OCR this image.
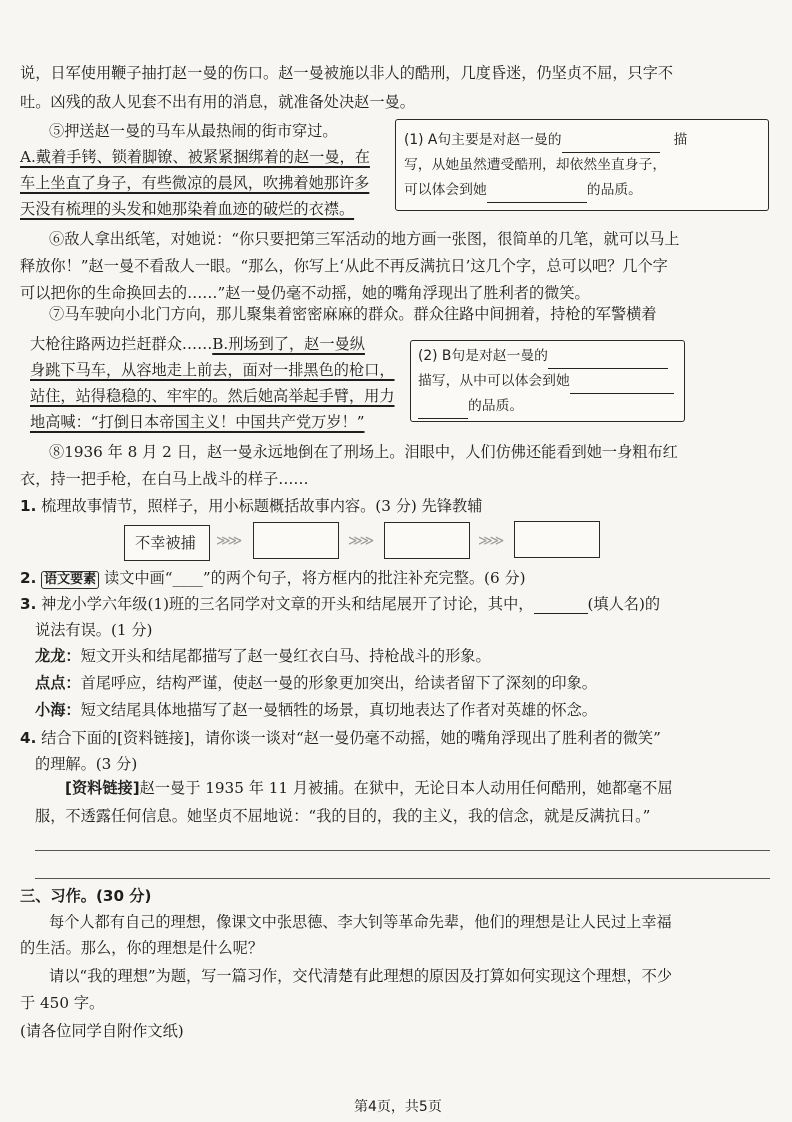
说，日军使用鞭子抽打赵一曼的伤口。赵一曼被施以非人的酷刑，几度昏迷，仍坚贞不屈，只字不
吐。凶残的敌人见套不出有用的消息，就准备处决赵一曼。
⑤押送赵一曼的马车从最热闹的街市穿过。
A.戴着手铐、锁着脚镣、被紧紧捆绑着的赵一曼，在
车上坐直了身子，有些微凉的晨风，吹拂着她那许多
天没有梳理的头发和她那染着血迹的破烂的衣襟。
(1) A句主要是对赵一曼的	描
写，从她虽然遭受酷刑，却依然坐直身子，
可以体会到她	的品质。
⑥敌人拿出纸笔，对她说：“你只要把第三军活动的地方画一张图，很简单的几笔，就可以马上
释放你！”赵一曼不看敌人一眼。“那么，你写上‘从此不再反满抗日’这几个字，总可以吧？几个字
可以把你的生命换回去的……”赵一曼仍毫不动摇，她的嘴角浮现出了胜利者的微笑。
⑦马车驶向小北门方向，那儿聚集着密密麻麻的群众。群众往路中间拥着，持枪的军警横着
大枪往路两边拦赶群众……B.刑场到了，赵一曼纵
身跳下马车，从容地走上前去，面对一排黑色的枪口，
站住，站得稳稳的、牢牢的。然后她高举起手臂，用力
地高喊：“打倒日本帝国主义！中国共产党万岁！”
(2) B句是对赵一曼的
描写，从中可以体会到她
的品质。
⑧1936 年 8 月 2 日，赵一曼永远地倒在了刑场上。泪眼中，人们仿佛还能看到她一身粗布红
衣，持一把手枪，在白马上战斗的样子……
1. 梳理故事情节，照样子，用小标题概括故事内容。(3 分) 先锋教辅
不幸被捕 ≫≫	≫≫	≫≫
2. 语文要素 读文中画“____”的两个句子，将方框内的批注补充完整。(6 分)
3. 神龙小学六年级(1)班的三名同学对文章的开头和结尾展开了讨论，其中，	(填人名)的
说法有误。(1 分)
龙龙：短文开头和结尾都描写了赵一曼红衣白马、持枪战斗的形象。
点点：首尾呼应，结构严谨，使赵一曼的形象更加突出，给读者留下了深刻的印象。
小海：短文结尾具体地描写了赵一曼牺牲的场景，真切地表达了作者对英雄的怀念。
4. 结合下面的[资料链接]，请你谈一谈对“赵一曼仍毫不动摇，她的嘴角浮现出了胜利者的微笑”
的理解。(3 分)
[资料链接]赵一曼于 1935 年 11 月被捕。在狱中，无论日本人动用任何酷刑，她都毫不屈
服，不透露任何信息。她坚贞不屈地说：“我的目的，我的主义，我的信念，就是反满抗日。”
三、习作。(30 分)
每个人都有自己的理想，像课文中张思德、李大钊等革命先辈，他们的理想是让人民过上幸福
的生活。那么，你的理想是什么呢？
请以“我的理想”为题，写一篇习作，交代清楚有此理想的原因及打算如何实现这个理想，不少
于 450 字。
(请各位同学自附作文纸)
第4页，共5页
